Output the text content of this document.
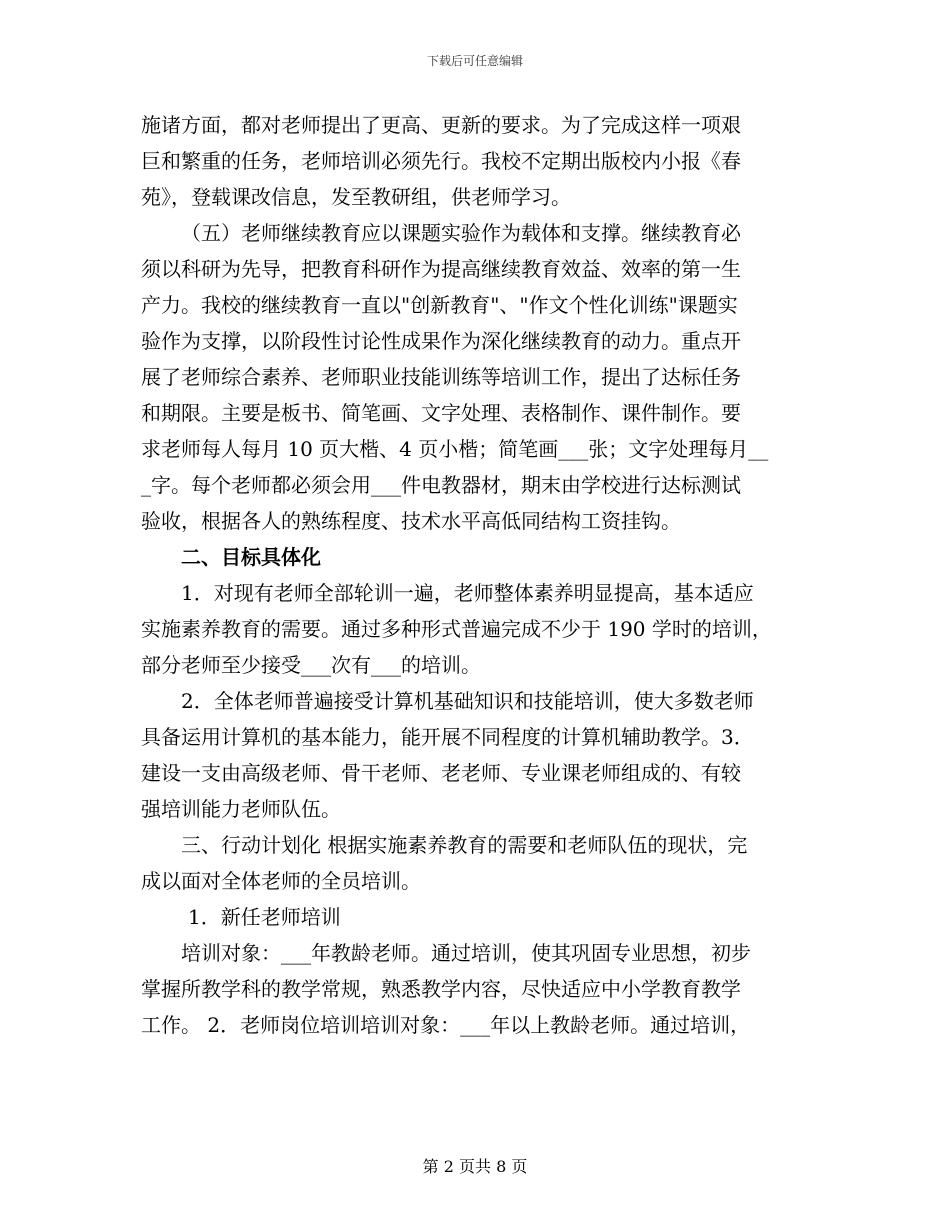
下载后可任意编辑
施诸方面，都对老师提出了更高、更新的要求。为了完成这样一项艰
巨和繁重的任务，老师培训必须先行。我校不定期出版校内小报《春
苑》，登载课改信息，发至教研组，供老师学习。
（五）老师继续教育应以课题实验作为载体和支撑。继续教育必
须以科研为先导，把教育科研作为提高继续教育效益、效率的第一生
产力。我校的继续教育一直以"创新教育"、"作文个性化训练"课题实
验作为支撑，以阶段性讨论性成果作为深化继续教育的动力。重点开
展了老师综合素养、老师职业技能训练等培训工作，提出了达标任务
和期限。主要是板书、简笔画、文字处理、表格制作、课件制作。要
求老师每人每月 10 页大楷、4 页小楷；简笔画___张；文字处理每月__
_字。每个老师都必须会用___件电教器材，期末由学校进行达标测试
验收，根据各人的熟练程度、技术水平高低同结构工资挂钩。
二、目标具体化
1．对现有老师全部轮训一遍，老师整体素养明显提高，基本适应
实施素养教育的需要。通过多种形式普遍完成不少于 190 学时的培训，
部分老师至少接受___次有___的培训。
2．全体老师普遍接受计算机基础知识和技能培训，使大多数老师
具备运用计算机的基本能力，能开展不同程度的计算机辅助教学。3．
建设一支由高级老师、骨干老师、老老师、专业课老师组成的、有较
强培训能力老师队伍。
三、行动计划化 根据实施素养教育的需要和老师队伍的现状，完
成以面对全体老师的全员培训。
1．新任老师培训
培训对象：___年教龄老师。通过培训，使其巩固专业思想，初步
掌握所教学科的教学常规，熟悉教学内容，尽快适应中小学教育教学
工作。 2．老师岗位培训培训对象：___年以上教龄老师。通过培训，
第 2 页共 8 页
